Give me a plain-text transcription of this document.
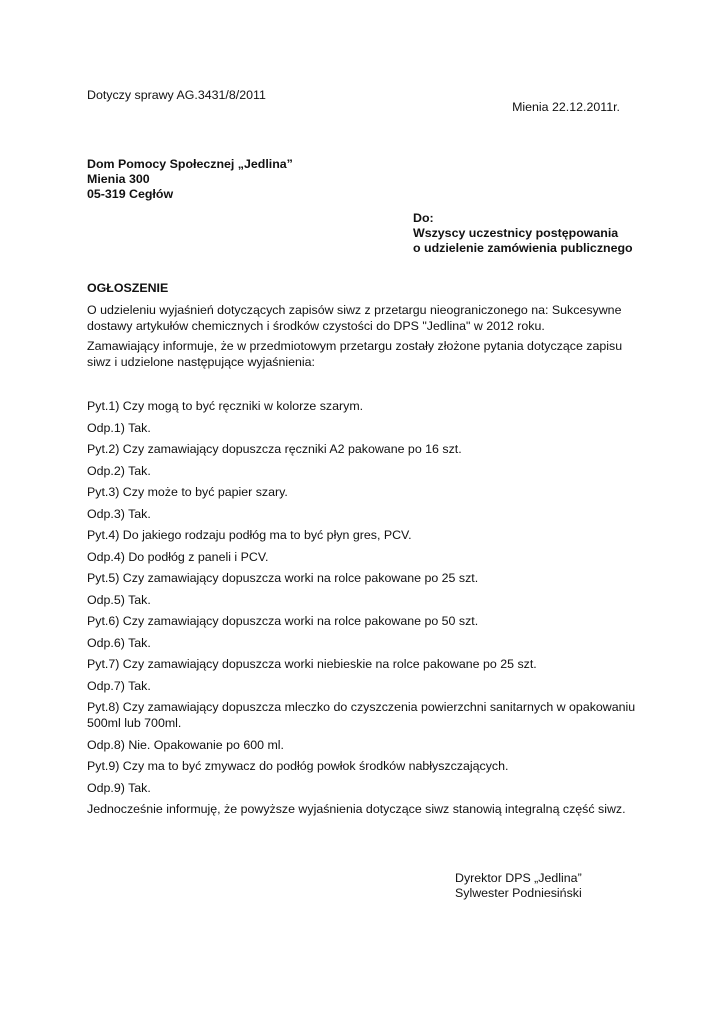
Dotyczy sprawy AG.3431/8/2011
Mienia 22.12.2011r.
Dom Pomocy Społecznej „Jedlina”
Mienia 300
05-319 Cegłów
Do:
Wszyscy uczestnicy postępowania
o udzielenie zamówienia publicznego
OGŁOSZENIE

O udzieleniu wyjaśnień dotyczących zapisów siwz z przetargu nieograniczonego na: Sukcesywne dostawy artykułów chemicznych i środków czystości do DPS "Jedlina" w 2012 roku.

Zamawiający informuje, że w przedmiotowym przetargu zostały złożone pytania dotyczące zapisu siwz i udzielone następujące wyjaśnienia:

Pyt.1) Czy mogą to być ręczniki w kolorze szarym.

Odp.1) Tak.

Pyt.2) Czy zamawiający dopuszcza ręczniki A2 pakowane po 16 szt.

Odp.2) Tak.

Pyt.3) Czy może to być papier szary.

Odp.3) Tak.

Pyt.4) Do jakiego rodzaju podłóg ma to być płyn gres, PCV.

Odp.4) Do podłóg z paneli i PCV.

Pyt.5) Czy zamawiający dopuszcza worki na rolce pakowane po 25 szt.

Odp.5) Tak.

Pyt.6) Czy zamawiający dopuszcza worki na rolce pakowane po 50 szt.

Odp.6) Tak.

Pyt.7) Czy zamawiający dopuszcza worki niebieskie na rolce pakowane po 25 szt.

Odp.7) Tak.

Pyt.8) Czy zamawiający dopuszcza mleczko do czyszczenia powierzchni sanitarnych w opakowaniu 500ml lub 700ml.

Odp.8) Nie. Opakowanie po 600 ml.

Pyt.9) Czy ma to być zmywacz do podłóg powłok środków nabłyszczających.

Odp.9) Tak.

Jednocześnie informuję, że powyższe wyjaśnienia dotyczące siwz stanowią integralną część siwz.

Dyrektor DPS „Jedlina”
Sylwester Podniesiński
